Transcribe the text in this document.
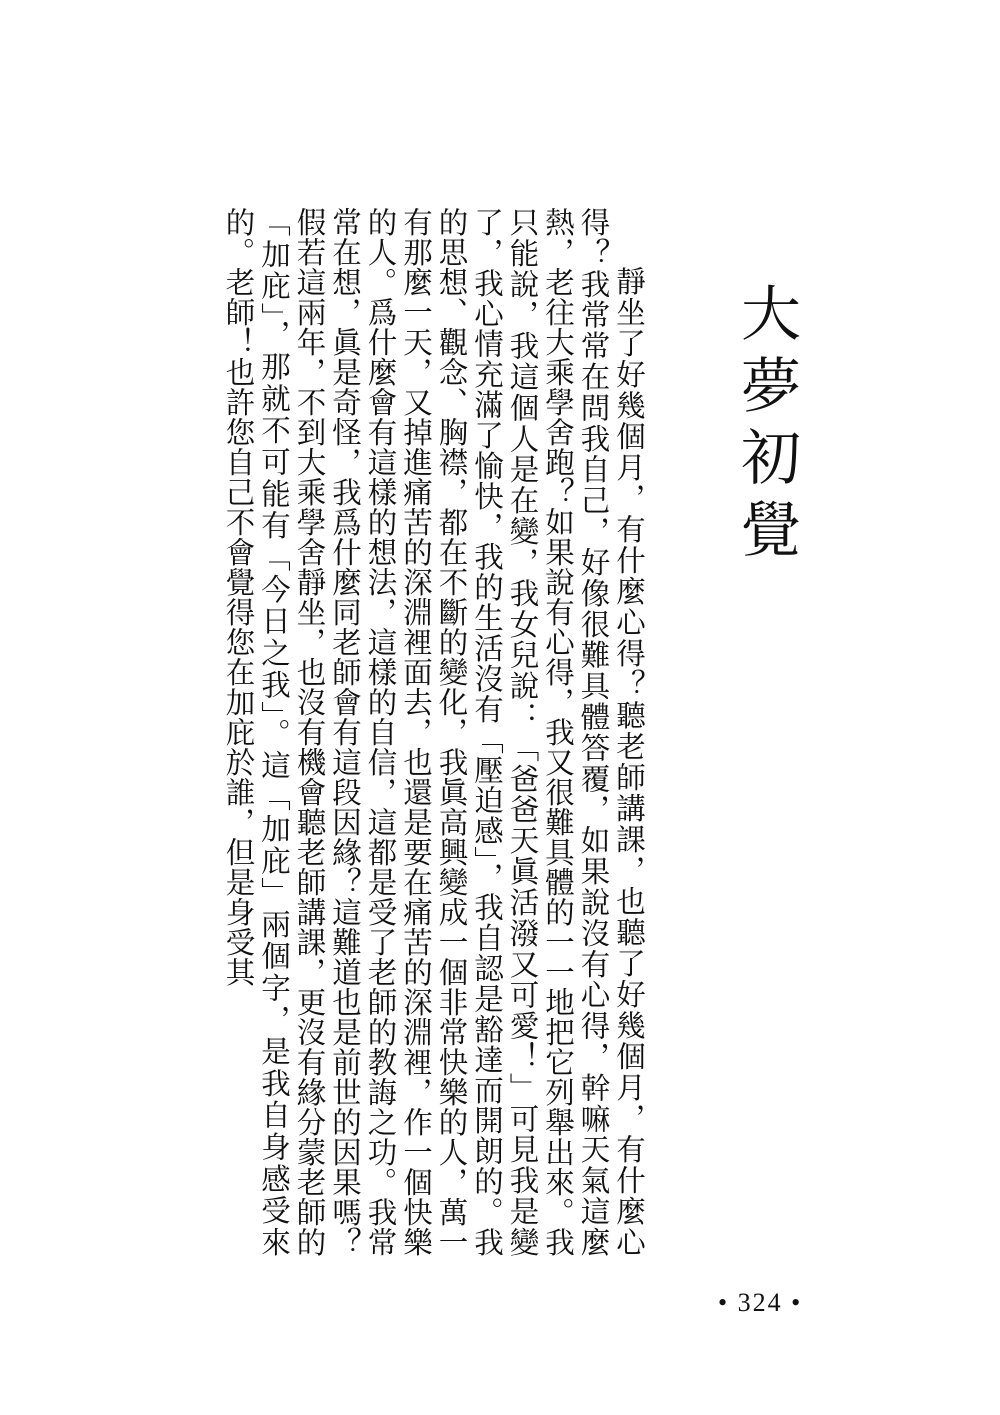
大夢初覺

靜坐了好幾個月，有什麼心得？聽老師講課，也聽了好幾個月，有什麼心得？我常常在問我自己，好像很難具體答覆，如果說沒有心得，幹嘛天氣這麼熱，老往大乘學舍跑？如果說有心得，我又很難具體的一一地把它列舉出來。我只能說，我這個人是在變，我女兒說：「爸爸天眞活潑又可愛！」可見我是變了，我心情充滿了愉快，我的生活沒有「壓迫感」，我自認是豁達而開朗的。我的思想、觀念、胸襟，都在不斷的變化，我眞高興變成一個非常快樂的人，萬一有那麼一天，又掉進痛苦的深淵裡面去，也還是要在痛苦的深淵裡，作一個快樂的人。爲什麼會有這樣的想法，這樣的自信，這都是受了老師的教誨之功。我常常在想，眞是奇怪，我爲什麼同老師會有這段因緣？這難道也是前世的因果嗎？假若這兩年，不到大乘學舍靜坐，也沒有機會聽老師講課，更沒有緣分蒙老師的「加庇」，那就不可能有「今日之我」。這「加庇」兩個字，是我自身感受來的。老師！也許您自己不會覺得您在加庇於誰，但是身受其

• 324 •
